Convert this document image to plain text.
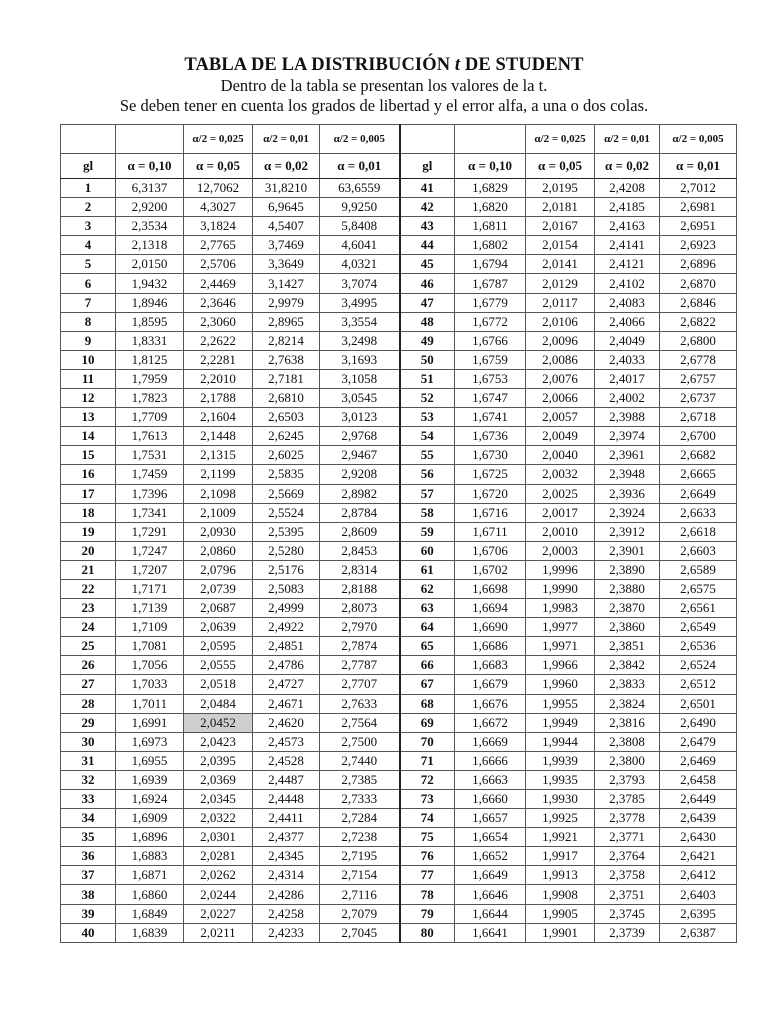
TABLA DE LA DISTRIBUCIÓN t DE STUDENT
Dentro de la tabla se presentan los valores de la t.
Se deben tener en cuenta los grados de libertad y el error alfa, a una o dos colas.
		α/2 = 0,025	α/2 = 0,01	α/2 = 0,005			α/2 = 0,025	α/2 = 0,01	α/2 = 0,005
gl	α = 0,10	α = 0,05	α = 0,02	α = 0,01	gl	α = 0,10	α = 0,05	α = 0,02	α = 0,01
1	6,3137	12,7062	31,8210	63,6559	41	1,6829	2,0195	2,4208	2,7012
2	2,9200	4,3027	6,9645	9,9250	42	1,6820	2,0181	2,4185	2,6981
3	2,3534	3,1824	4,5407	5,8408	43	1,6811	2,0167	2,4163	2,6951
4	2,1318	2,7765	3,7469	4,6041	44	1,6802	2,0154	2,4141	2,6923
5	2,0150	2,5706	3,3649	4,0321	45	1,6794	2,0141	2,4121	2,6896
6	1,9432	2,4469	3,1427	3,7074	46	1,6787	2,0129	2,4102	2,6870
7	1,8946	2,3646	2,9979	3,4995	47	1,6779	2,0117	2,4083	2,6846
8	1,8595	2,3060	2,8965	3,3554	48	1,6772	2,0106	2,4066	2,6822
9	1,8331	2,2622	2,8214	3,2498	49	1,6766	2,0096	2,4049	2,6800
10	1,8125	2,2281	2,7638	3,1693	50	1,6759	2,0086	2,4033	2,6778
11	1,7959	2,2010	2,7181	3,1058	51	1,6753	2,0076	2,4017	2,6757
12	1,7823	2,1788	2,6810	3,0545	52	1,6747	2,0066	2,4002	2,6737
13	1,7709	2,1604	2,6503	3,0123	53	1,6741	2,0057	2,3988	2,6718
14	1,7613	2,1448	2,6245	2,9768	54	1,6736	2,0049	2,3974	2,6700
15	1,7531	2,1315	2,6025	2,9467	55	1,6730	2,0040	2,3961	2,6682
16	1,7459	2,1199	2,5835	2,9208	56	1,6725	2,0032	2,3948	2,6665
17	1,7396	2,1098	2,5669	2,8982	57	1,6720	2,0025	2,3936	2,6649
18	1,7341	2,1009	2,5524	2,8784	58	1,6716	2,0017	2,3924	2,6633
19	1,7291	2,0930	2,5395	2,8609	59	1,6711	2,0010	2,3912	2,6618
20	1,7247	2,0860	2,5280	2,8453	60	1,6706	2,0003	2,3901	2,6603
21	1,7207	2,0796	2,5176	2,8314	61	1,6702	1,9996	2,3890	2,6589
22	1,7171	2,0739	2,5083	2,8188	62	1,6698	1,9990	2,3880	2,6575
23	1,7139	2,0687	2,4999	2,8073	63	1,6694	1,9983	2,3870	2,6561
24	1,7109	2,0639	2,4922	2,7970	64	1,6690	1,9977	2,3860	2,6549
25	1,7081	2,0595	2,4851	2,7874	65	1,6686	1,9971	2,3851	2,6536
26	1,7056	2,0555	2,4786	2,7787	66	1,6683	1,9966	2,3842	2,6524
27	1,7033	2,0518	2,4727	2,7707	67	1,6679	1,9960	2,3833	2,6512
28	1,7011	2,0484	2,4671	2,7633	68	1,6676	1,9955	2,3824	2,6501
29	1,6991	2,0452	2,4620	2,7564	69	1,6672	1,9949	2,3816	2,6490
30	1,6973	2,0423	2,4573	2,7500	70	1,6669	1,9944	2,3808	2,6479
31	1,6955	2,0395	2,4528	2,7440	71	1,6666	1,9939	2,3800	2,6469
32	1,6939	2,0369	2,4487	2,7385	72	1,6663	1,9935	2,3793	2,6458
33	1,6924	2,0345	2,4448	2,7333	73	1,6660	1,9930	2,3785	2,6449
34	1,6909	2,0322	2,4411	2,7284	74	1,6657	1,9925	2,3778	2,6439
35	1,6896	2,0301	2,4377	2,7238	75	1,6654	1,9921	2,3771	2,6430
36	1,6883	2,0281	2,4345	2,7195	76	1,6652	1,9917	2,3764	2,6421
37	1,6871	2,0262	2,4314	2,7154	77	1,6649	1,9913	2,3758	2,6412
38	1,6860	2,0244	2,4286	2,7116	78	1,6646	1,9908	2,3751	2,6403
39	1,6849	2,0227	2,4258	2,7079	79	1,6644	1,9905	2,3745	2,6395
40	1,6839	2,0211	2,4233	2,7045	80	1,6641	1,9901	2,3739	2,6387
